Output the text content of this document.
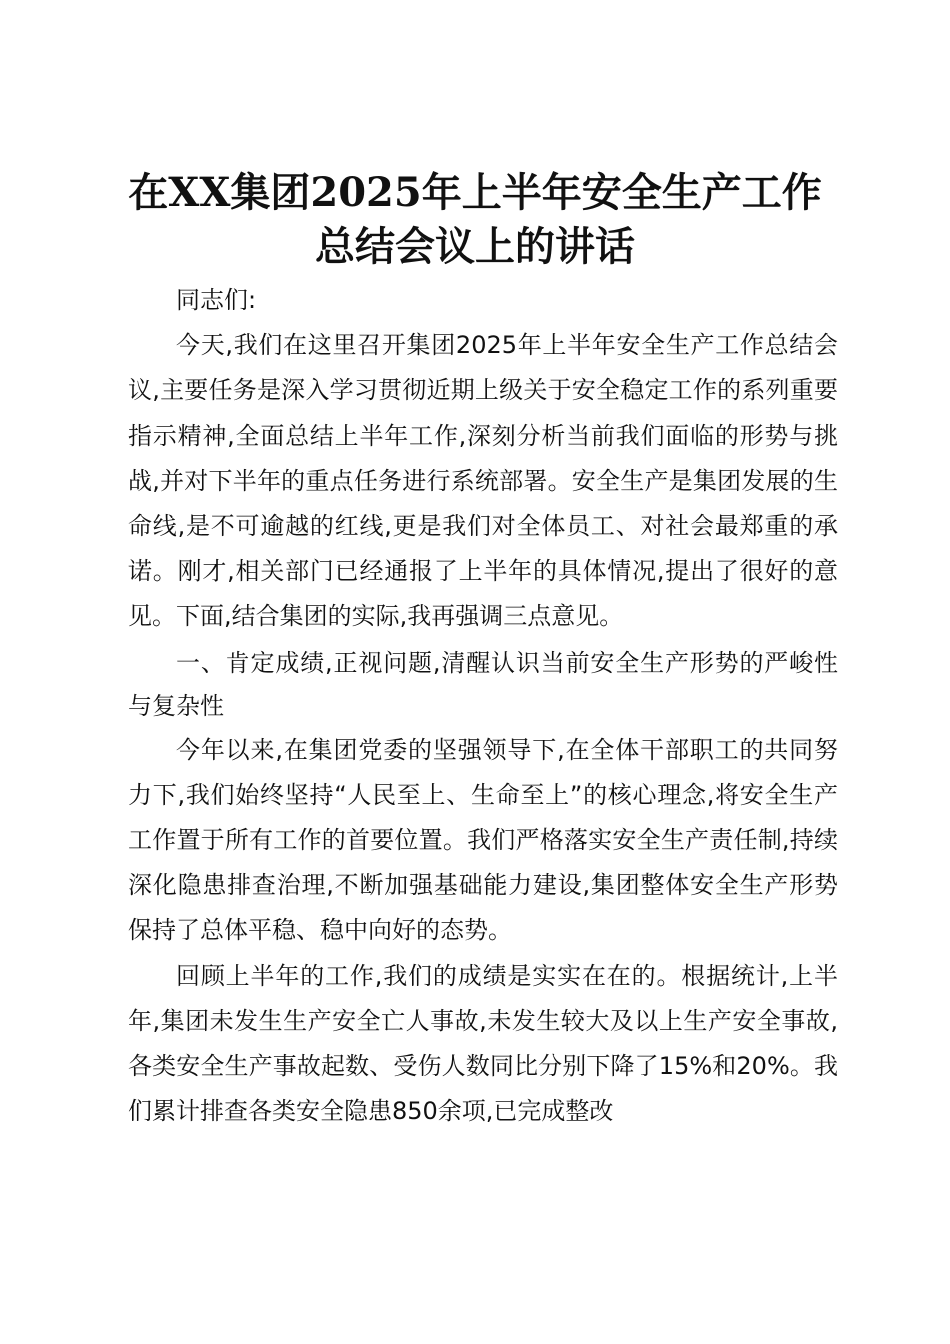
在XX集团2025年上半年安全生产工作
总结会议上的讲话

同志们:

今天,我们在这里召开集团2025年上半年安全生产工作总结会议,主要任务是深入学习贯彻近期上级关于安全稳定工作的系列重要指示精神,全面总结上半年工作,深刻分析当前我们面临的形势与挑战,并对下半年的重点任务进行系统部署。安全生产是集团发展的生命线,是不可逾越的红线,更是我们对全体员工、对社会最郑重的承诺。刚才,相关部门已经通报了上半年的具体情况,提出了很好的意见。下面,结合集团的实际,我再强调三点意见。

一、肯定成绩,正视问题,清醒认识当前安全生产形势的严峻性与复杂性

今年以来,在集团党委的坚强领导下,在全体干部职工的共同努力下,我们始终坚持“人民至上、生命至上”的核心理念,将安全生产工作置于所有工作的首要位置。我们严格落实安全生产责任制,持续深化隐患排查治理,不断加强基础能力建设,集团整体安全生产形势保持了总体平稳、稳中向好的态势。

回顾上半年的工作,我们的成绩是实实在在的。根据统计,上半年,集团未发生生产安全亡人事故,未发生较大及以上生产安全事故,各类安全生产事故起数、受伤人数同比分别下降了15%和20%。我们累计排查各类安全隐患850余项,已完成整改
